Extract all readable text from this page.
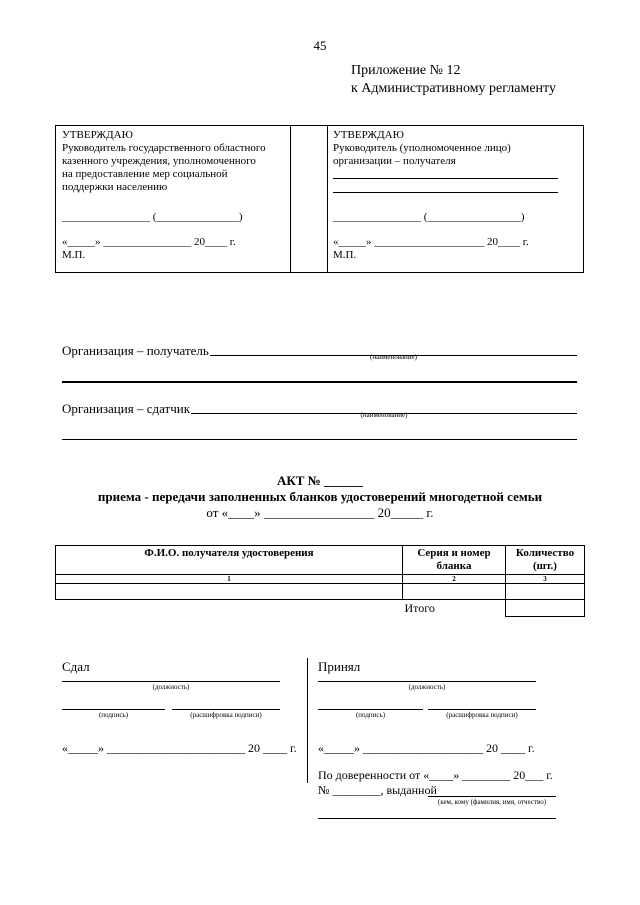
45
Приложение № 12
к Административному регламенту
УТВЕРЖДАЮ
Руководитель государственного областного
казенного учреждения, уполномоченного
на предоставление мер социальной
поддержки населению
________________ (_______________)
«_____» ________________ 20____ г.
М.П.
УТВЕРЖДАЮ
Руководитель (уполномоченное лицо)
организации – получателя
________________ (_________________)
«_____» ____________________ 20____ г.
М.П.
Организация – получатель	(наименование)
Организация – сдатчик	(наименование)
АКТ № ______
приема - передачи заполненных бланков удостоверений многодетной семьи
от «____» _________________ 20_____ г.
Ф.И.О. получателя удостоверения	Серия и номер бланка	Количество (шт.)
1	2	3

	Итого	
Сдал
(должность)
(подпись)	(расшифровка подписи)
«_____» _______________________ 20 ____ г.
Принял
(должность)
(подпись)	(расшифровка подписи)
«_____» ____________________ 20 ____ г.
По доверенности от «____» ________ 20___ г.
№ ________, выданной
(кем, кому (фамилия, имя, отчество)
